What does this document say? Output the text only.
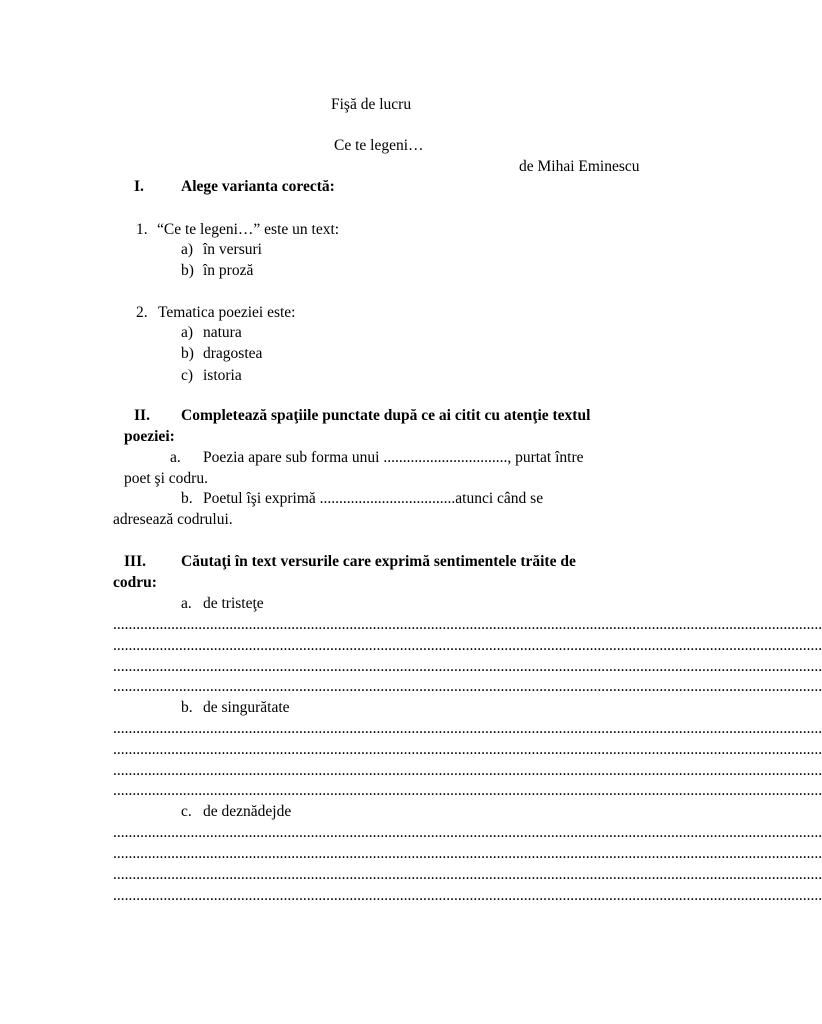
Fişă de lucru
Ce te legeni…
de Mihai Eminescu
I. Alege varianta corectă:
1. “Ce te legeni…” este un text:
a) în versuri
b) în proză
2. Tematica poeziei este:
a) natura
b) dragostea
c) istoria
II. Completează spaţiile punctate după ce ai citit cu atenţie textul
poeziei:
a. Poezia apare sub forma unui ................................, purtat între
poet şi codru.
b. Poetul îşi exprimă ...................................atunci când se
adresează codrului.
III. Căutaţi în text versurile care exprimă sentimentele trăite de
codru:
a. de tristeţe
.......................................................................................................................................................................................
.......................................................................................................................................................................................
.......................................................................................................................................................................................
.......................................................................................................................................................................................
b. de singurătate
.......................................................................................................................................................................................
.......................................................................................................................................................................................
.......................................................................................................................................................................................
.......................................................................................................................................................................................
c. de deznădejde
.......................................................................................................................................................................................
.......................................................................................................................................................................................
.......................................................................................................................................................................................
.......................................................................................................................................................................................
